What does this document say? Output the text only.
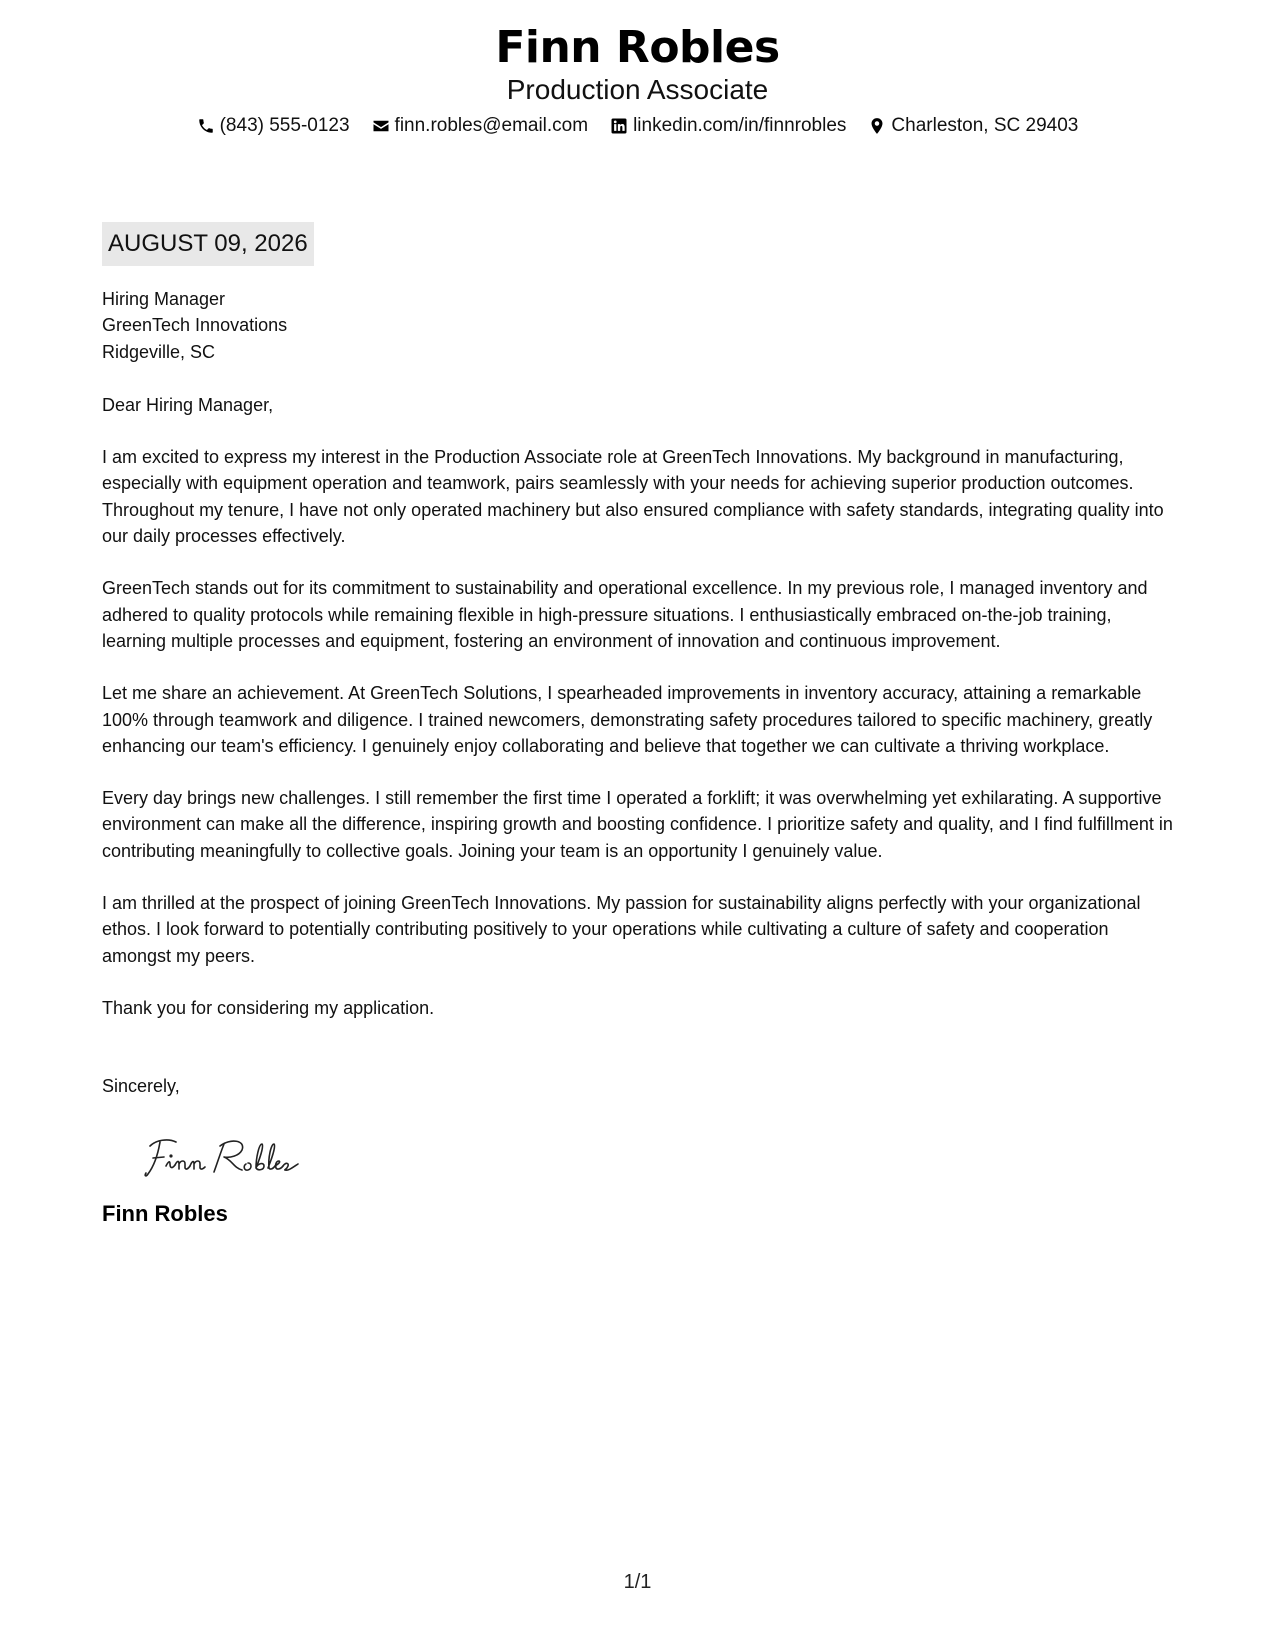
Finn Robles
Production Associate
(843) 555-0123 finn.robles@email.com linkedin.com/in/finnrobles Charleston, SC 29403
AUGUST 09, 2026
Hiring Manager
GreenTech Innovations
Ridgeville, SC
Dear Hiring Manager,
I am excited to express my interest in the Production Associate role at GreenTech Innovations. My background in manufacturing, especially with equipment operation and teamwork, pairs seamlessly with your needs for achieving superior production outcomes. Throughout my tenure, I have not only operated machinery but also ensured compliance with safety standards, integrating quality into our daily processes effectively.
GreenTech stands out for its commitment to sustainability and operational excellence. In my previous role, I managed inventory and adhered to quality protocols while remaining flexible in high-pressure situations. I enthusiastically embraced on-the-job training, learning multiple processes and equipment, fostering an environment of innovation and continuous improvement.
Let me share an achievement. At GreenTech Solutions, I spearheaded improvements in inventory accuracy, attaining a remarkable 100% through teamwork and diligence. I trained newcomers, demonstrating safety procedures tailored to specific machinery, greatly enhancing our team's efficiency. I genuinely enjoy collaborating and believe that together we can cultivate a thriving workplace.
Every day brings new challenges. I still remember the first time I operated a forklift; it was overwhelming yet exhilarating. A supportive environment can make all the difference, inspiring growth and boosting confidence. I prioritize safety and quality, and I find fulfillment in contributing meaningfully to collective goals. Joining your team is an opportunity I genuinely value.
I am thrilled at the prospect of joining GreenTech Innovations. My passion for sustainability aligns perfectly with your organizational ethos. I look forward to potentially contributing positively to your operations while cultivating a culture of safety and cooperation amongst my peers.
Thank you for considering my application.
Sincerely,
Finn Robles
1/1
